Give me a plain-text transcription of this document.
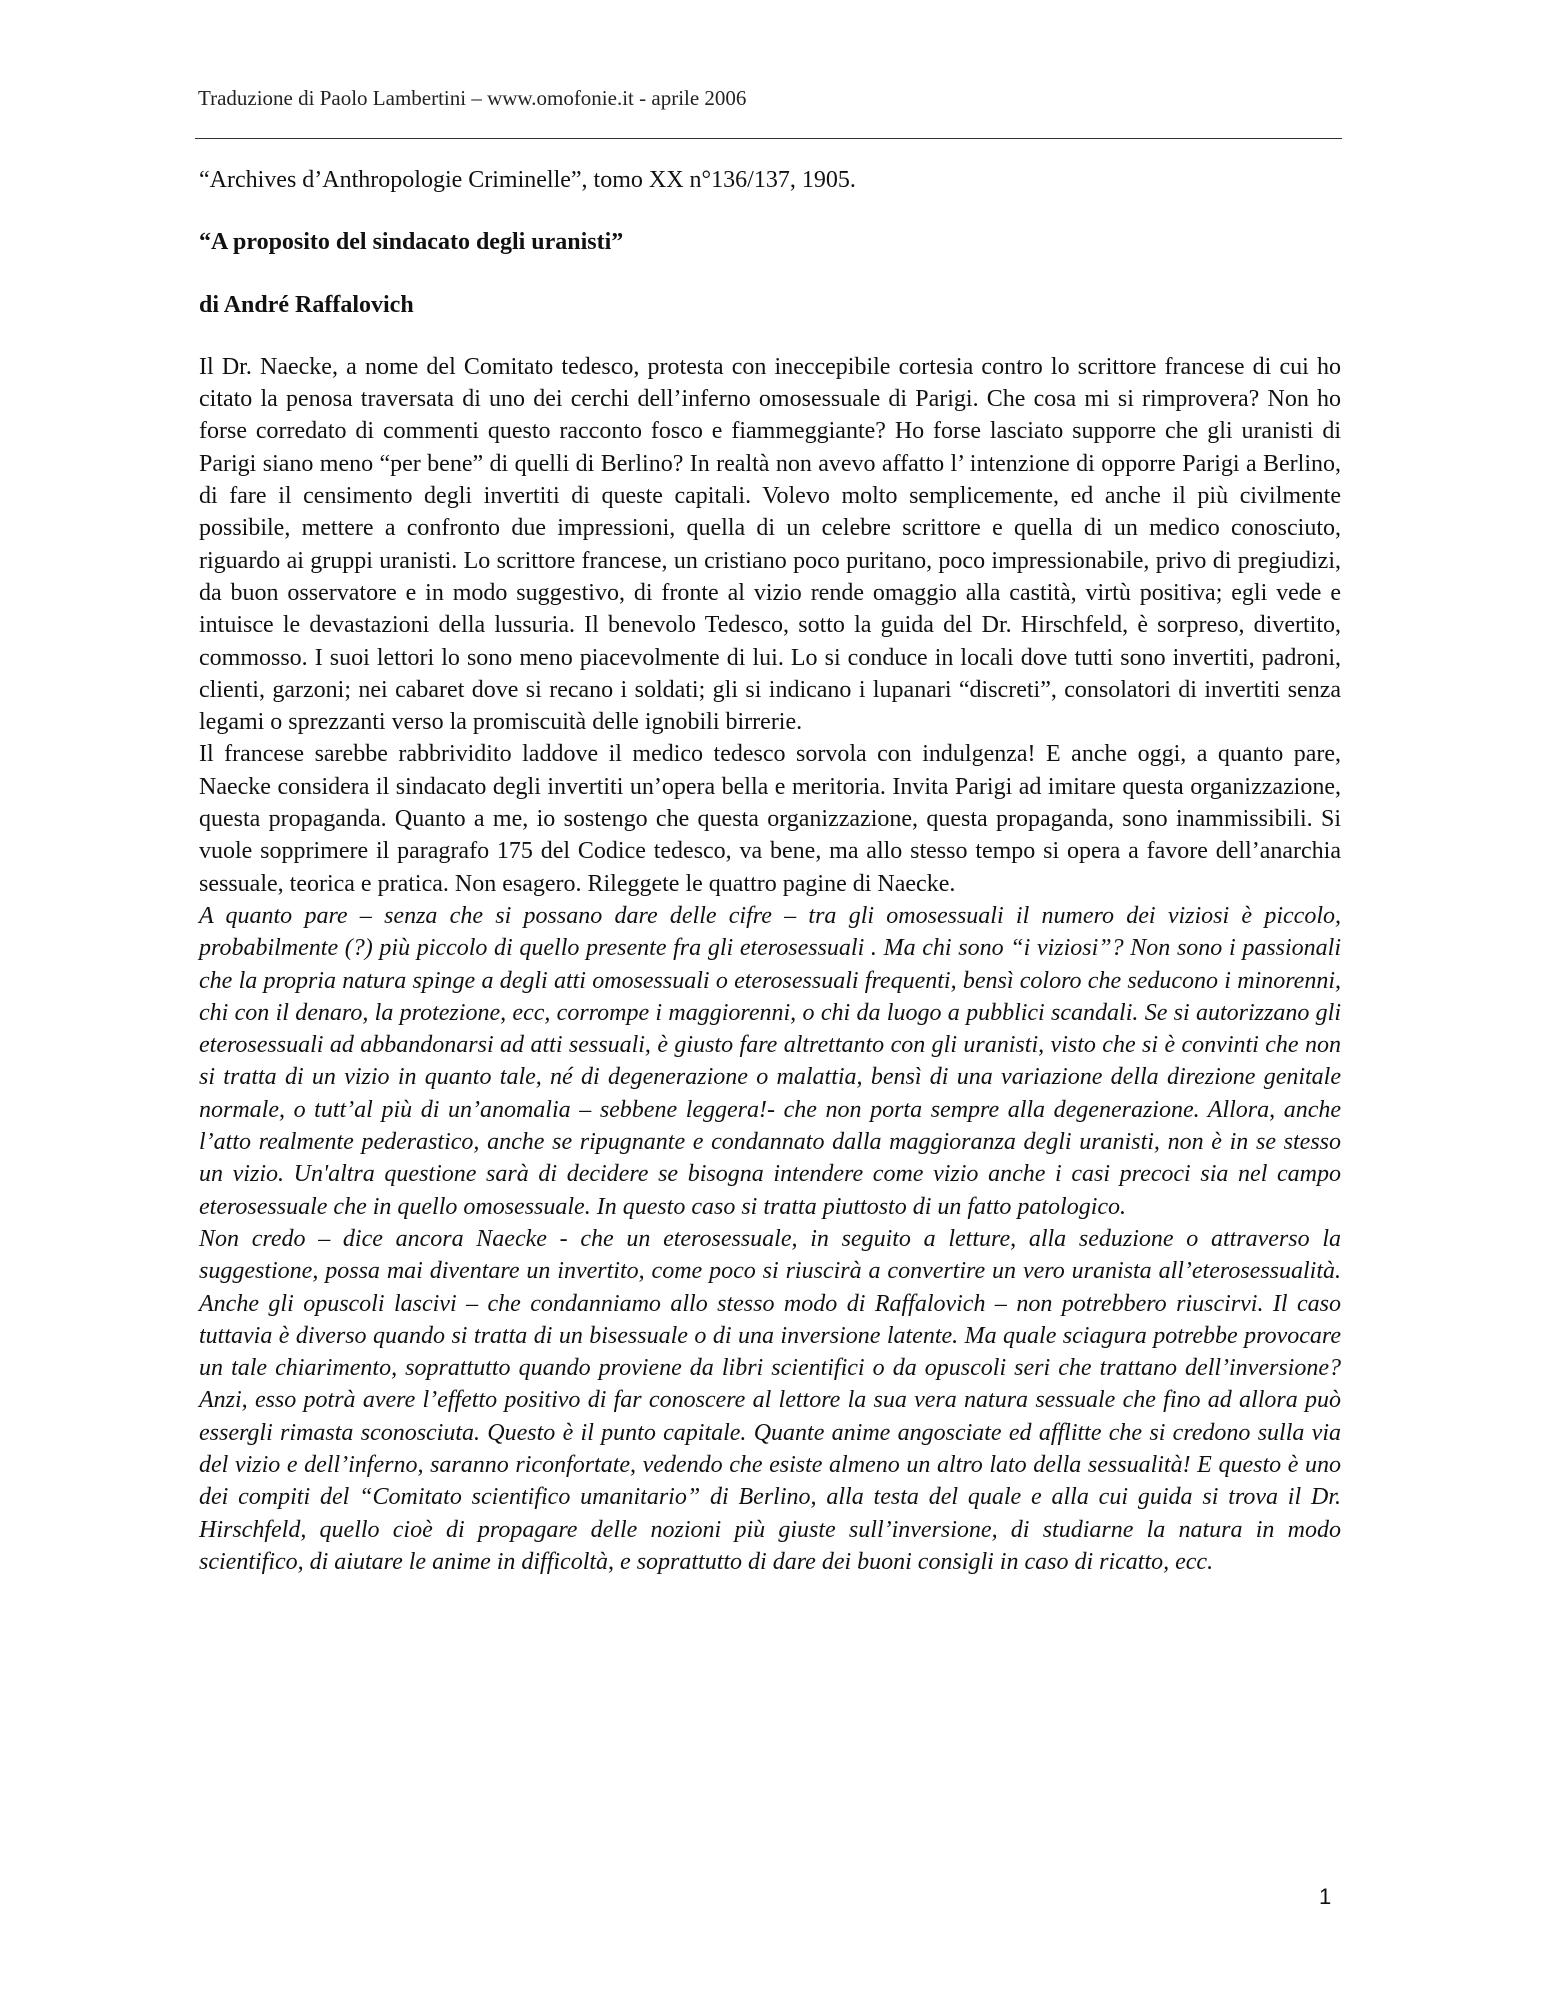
Traduzione di Paolo Lambertini – www.omofonie.it - aprile 2006

“Archives d’Anthropologie Criminelle”, tomo XX n°136/137, 1905.

“A proposito del sindacato degli uranisti”

di André Raffalovich

Il Dr. Naecke, a nome del Comitato tedesco, protesta con ineccepibile cortesia contro lo scrittore francese di cui ho citato la penosa traversata di uno dei cerchi dell’inferno omosessuale di Parigi. Che cosa mi si rimprovera? Non ho forse corredato di commenti questo racconto fosco e fiammeggiante? Ho forse lasciato supporre che gli uranisti di Parigi siano meno “per bene” di quelli di Berlino? In realtà non avevo affatto l’ intenzione di opporre Parigi a Berlino, di fare il censimento degli invertiti di queste capitali. Volevo molto semplicemente, ed anche il più civilmente possibile, mettere a confronto due impressioni, quella di un celebre scrittore e quella di un medico conosciuto, riguardo ai gruppi uranisti. Lo scrittore francese, un cristiano poco puritano, poco impressionabile, privo di pregiudizi, da buon osservatore e in modo suggestivo, di fronte al vizio rende omaggio alla castità, virtù positiva; egli vede e intuisce le devastazioni della lussuria. Il benevolo Tedesco, sotto la guida del Dr. Hirschfeld, è sorpreso, divertito, commosso. I suoi lettori lo sono meno piacevolmente di lui. Lo si conduce in locali dove tutti sono invertiti, padroni, clienti, garzoni; nei cabaret dove si recano i soldati; gli si indicano i lupanari “discreti”, consolatori di invertiti senza legami o sprezzanti verso la promiscuità delle ignobili birrerie.

Il francese sarebbe rabbrividito laddove il medico tedesco sorvola con indulgenza! E anche oggi, a quanto pare, Naecke considera il sindacato degli invertiti un’opera bella e meritoria. Invita Parigi ad imitare questa organizzazione, questa propaganda. Quanto a me, io sostengo che questa organizzazione, questa propaganda, sono inammissibili. Si vuole sopprimere il paragrafo 175 del Codice tedesco, va bene, ma allo stesso tempo si opera a favore dell’anarchia sessuale, teorica e pratica. Non esagero. Rileggete le quattro pagine di Naecke.

A quanto pare – senza che si possano dare delle cifre – tra gli omosessuali il numero dei viziosi è piccolo, probabilmente (?) più piccolo di quello presente fra gli eterosessuali . Ma chi sono “i viziosi”? Non sono i passionali che la propria natura spinge a degli atti omosessuali o eterosessuali frequenti, bensì coloro che seducono i minorenni, chi con il denaro, la protezione, ecc, corrompe i maggiorenni, o chi da luogo a pubblici scandali. Se si autorizzano gli eterosessuali ad abbandonarsi ad atti sessuali, è giusto fare altrettanto con gli uranisti, visto che si è convinti che non si tratta di un vizio in quanto tale, né di degenerazione o malattia, bensì di una variazione della direzione genitale normale, o tutt’al più di un’anomalia – sebbene leggera!- che non porta sempre alla degenerazione. Allora, anche l’atto realmente pederastico, anche se ripugnante e condannato dalla maggioranza degli uranisti, non è in se stesso un vizio. Un'altra questione sarà di decidere se bisogna intendere come vizio anche i casi precoci sia nel campo eterosessuale che in quello omosessuale. In questo caso si tratta piuttosto di un fatto patologico.

Non credo – dice ancora Naecke - che un eterosessuale, in seguito a letture, alla seduzione o attraverso la suggestione, possa mai diventare un invertito, come poco si riuscirà a convertire un vero uranista all’eterosessualità. Anche gli opuscoli lascivi – che condanniamo allo stesso modo di Raffalovich – non potrebbero riuscirvi. Il caso tuttavia è diverso quando si tratta di un bisessuale o di una inversione latente. Ma quale sciagura potrebbe provocare un tale chiarimento, soprattutto quando proviene da libri scientifici o da opuscoli seri che trattano dell’inversione? Anzi, esso potrà avere l’effetto positivo di far conoscere al lettore la sua vera natura sessuale che fino ad allora può essergli rimasta sconosciuta. Questo è il punto capitale. Quante anime angosciate ed afflitte che si credono sulla via del vizio e dell’inferno, saranno riconfortate, vedendo che esiste almeno un altro lato della sessualità! E questo è uno dei compiti del “Comitato scientifico umanitario” di Berlino, alla testa del quale e alla cui guida si trova il Dr. Hirschfeld, quello cioè di propagare delle nozioni più giuste sull’inversione, di studiarne la natura in modo scientifico, di aiutare le anime in difficoltà, e soprattutto di dare dei buoni consigli in caso di ricatto, ecc.

1
